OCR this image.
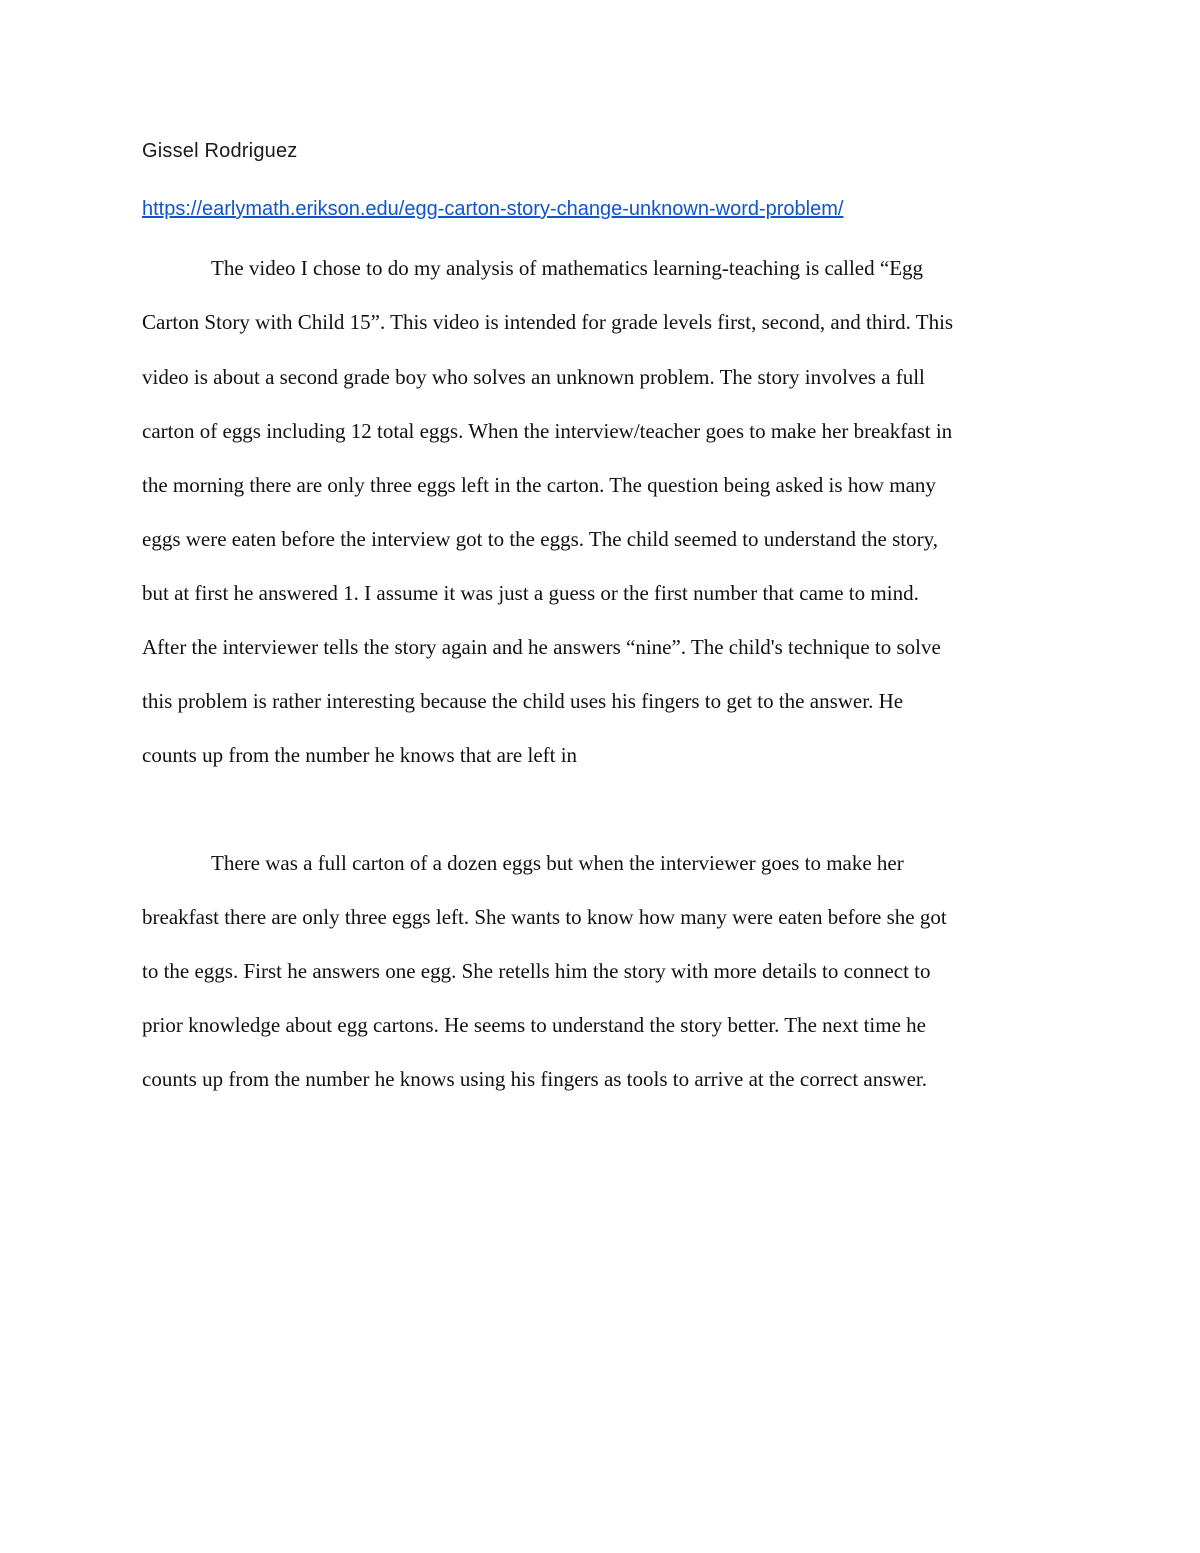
Gissel Rodriguez
https://earlymath.erikson.edu/egg-carton-story-change-unknown-word-problem/
The video I chose to do my analysis of mathematics learning-teaching is called “Egg
Carton Story with Child 15”. This video is intended for grade levels first, second, and third. This
video is about a second grade boy who solves an unknown problem. The story involves a full
carton of eggs including 12 total eggs. When the interview/teacher goes to make her breakfast in
the morning there are only three eggs left in the carton. The question being asked is how many
eggs were eaten before the interview got to the eggs. The child seemed to understand the story,
but at first he answered 1. I assume it was just a guess or the first number that came to mind.
After the interviewer tells the story again and he answers “nine”. The child's technique to solve
this problem is rather interesting because the child uses his fingers to get to the answer. He
counts up from the number he knows that are left in
There was a full carton of a dozen eggs but when the interviewer goes to make her
breakfast there are only three eggs left. She wants to know how many were eaten before she got
to the eggs. First he answers one egg. She retells him the story with more details to connect to
prior knowledge about egg cartons. He seems to understand the story better. The next time he
counts up from the number he knows using his fingers as tools to arrive at the correct answer.
